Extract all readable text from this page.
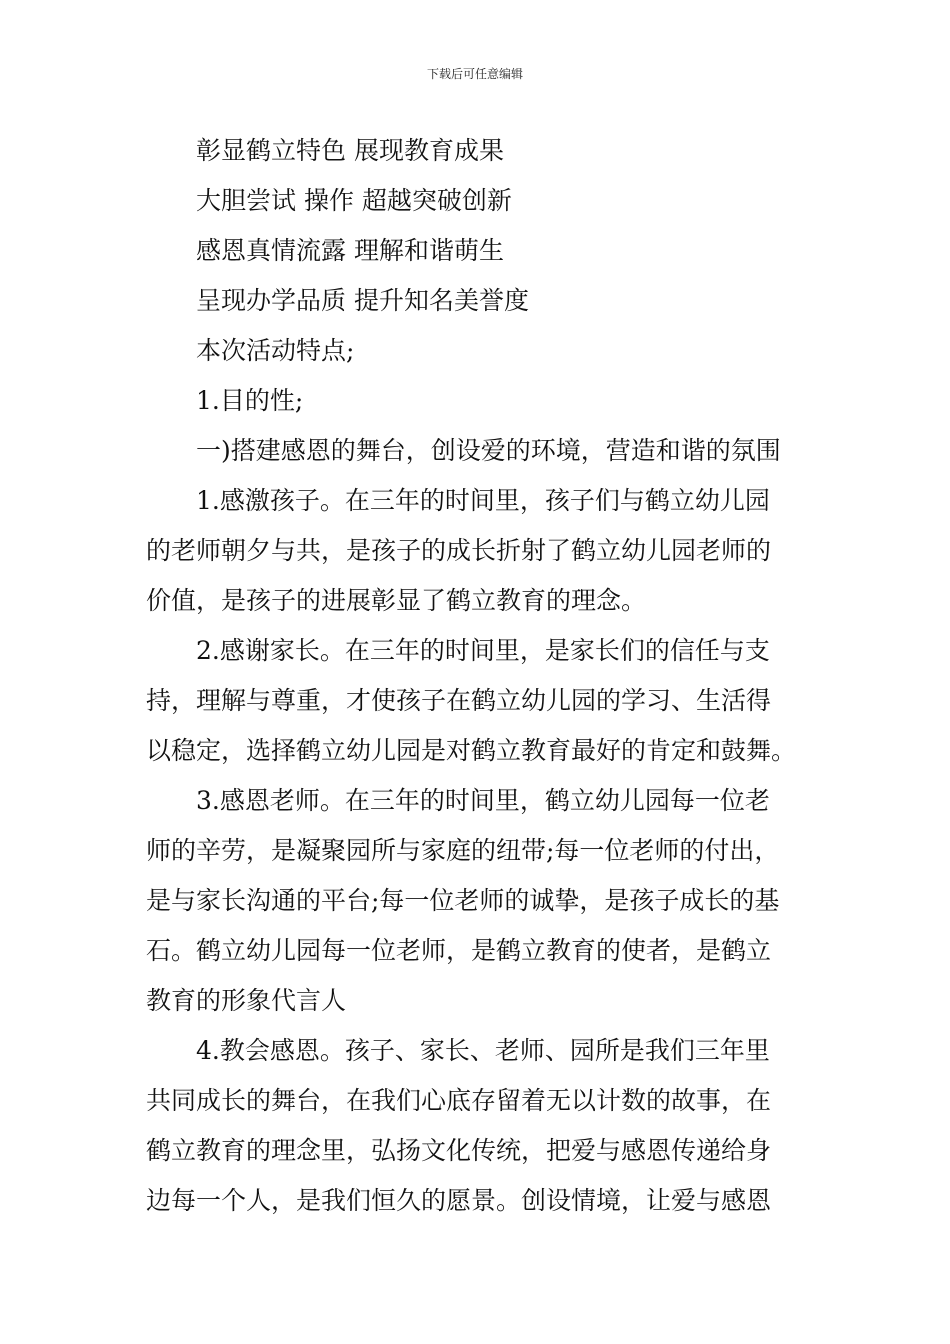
下载后可任意编辑
彰显鹤立特色 展现教育成果
大胆尝试 操作 超越突破创新
感恩真情流露 理解和谐萌生
呈现办学品质 提升知名美誉度
本次活动特点;
1.目的性;
一)搭建感恩的舞台，创设爱的环境，营造和谐的氛围
1.感激孩子。在三年的时间里，孩子们与鹤立幼儿园
的老师朝夕与共，是孩子的成长折射了鹤立幼儿园老师的
价值，是孩子的进展彰显了鹤立教育的理念。
2.感谢家长。在三年的时间里，是家长们的信任与支
持，理解与尊重，才使孩子在鹤立幼儿园的学习、生活得
以稳定，选择鹤立幼儿园是对鹤立教育最好的肯定和鼓舞。
3.感恩老师。在三年的时间里，鹤立幼儿园每一位老
师的辛劳，是凝聚园所与家庭的纽带;每一位老师的付出，
是与家长沟通的平台;每一位老师的诚挚，是孩子成长的基
石。鹤立幼儿园每一位老师，是鹤立教育的使者，是鹤立
教育的形象代言人
4.教会感恩。孩子、家长、老师、园所是我们三年里
共同成长的舞台，在我们心底存留着无以计数的故事，在
鹤立教育的理念里，弘扬文化传统，把爱与感恩传递给身
边每一个人，是我们恒久的愿景。创设情境，让爱与感恩
